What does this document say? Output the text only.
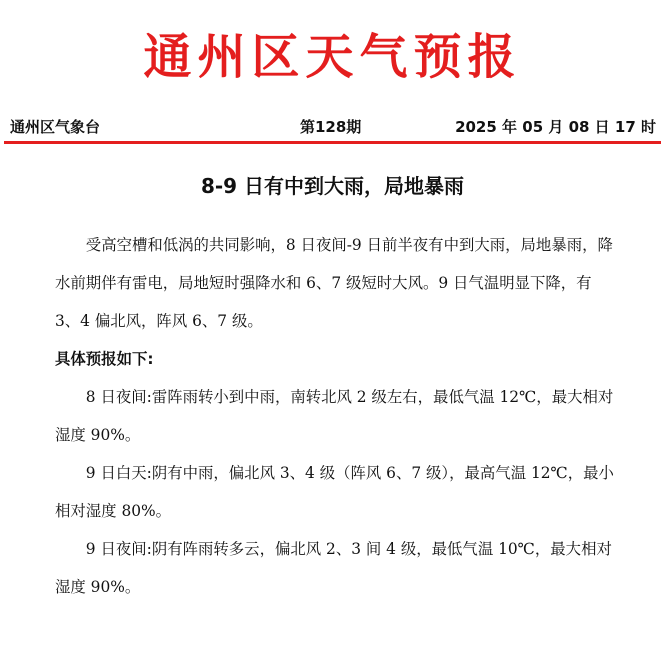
通州区天气预报
通州区气象台	第128期	2025 年 05 月 08 日 17 时
8-9 日有中到大雨，局地暴雨

受高空槽和低涡的共同影响，8 日夜间-9 日前半夜有中到大雨，局地暴雨，降水前期伴有雷电，局地短时强降水和 6、7 级短时大风。9 日气温明显下降，有 3、4 偏北风，阵风 6、7 级。

具体预报如下:

8 日夜间:雷阵雨转小到中雨，南转北风 2 级左右，最低气温 12℃，最大相对湿度 90%。

9 日白天:阴有中雨，偏北风 3、4 级（阵风 6、7 级），最高气温 12℃，最小相对湿度 80%。

9 日夜间:阴有阵雨转多云，偏北风 2、3 间 4 级，最低气温 10℃，最大相对湿度 90%。
